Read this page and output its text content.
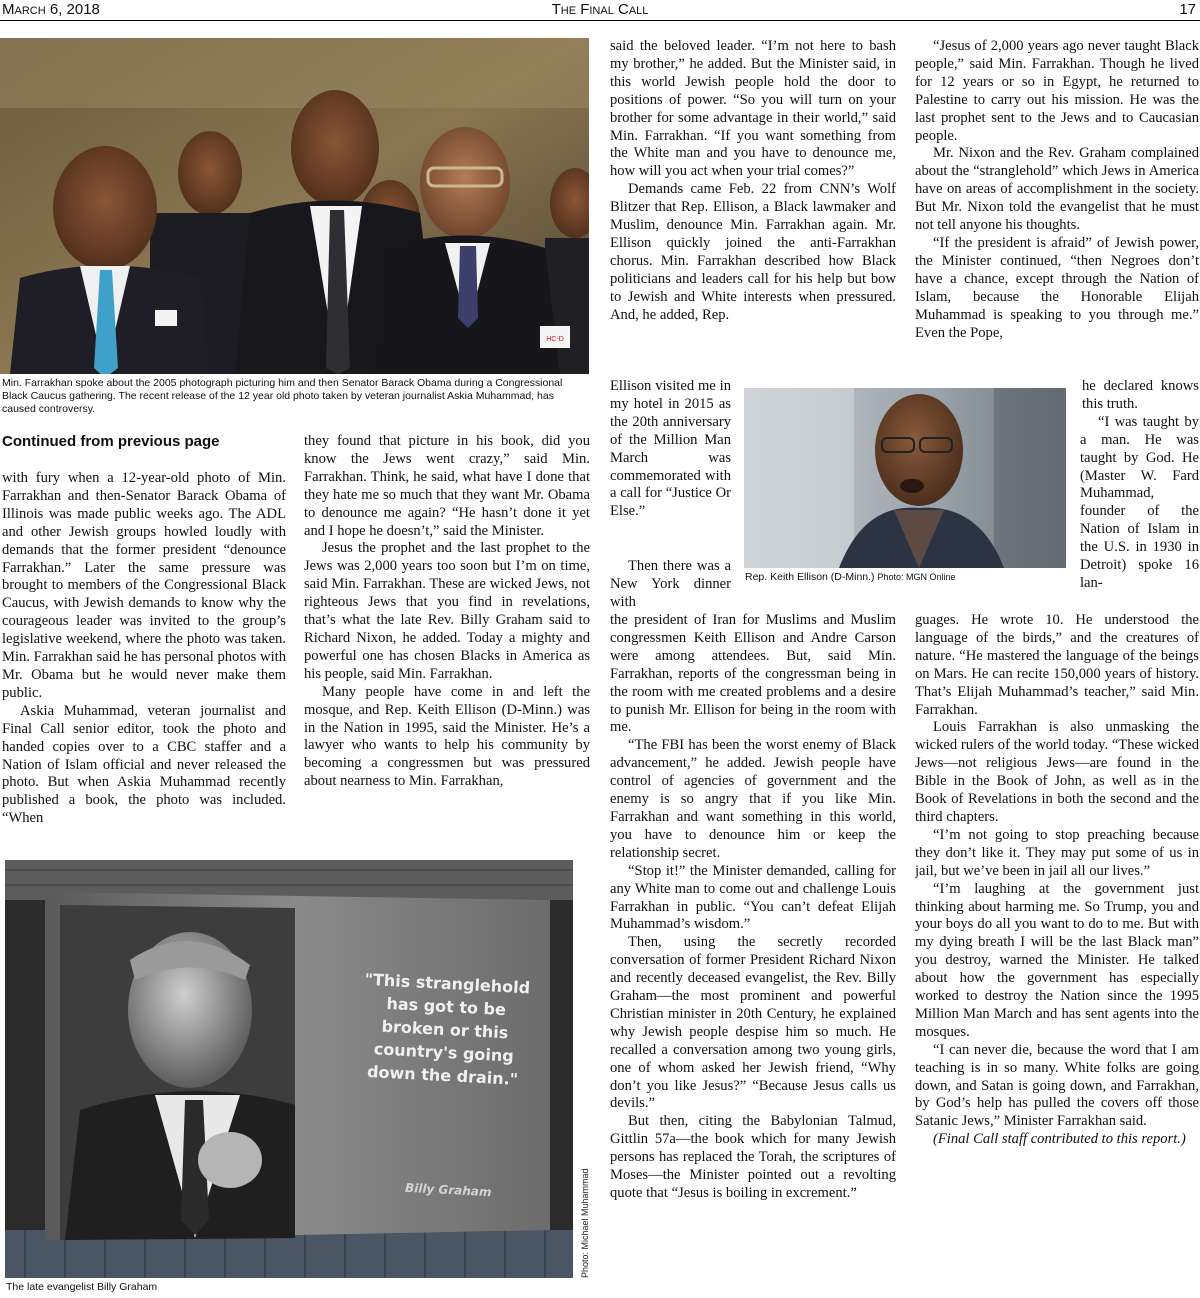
The Final Call
March 6, 2018	17
HC-D
Min. Farrakhan spoke about the 2005 photograph picturing him and then Senator Barack Obama during a Congressional Black Caucus gathering. The recent release of the 12 year old photo taken by veteran journalist Askia Muhammad, has caused controversy.
Continued from previous page

with fury when a 12-year-old photo of Min. Farrakhan and then-Senator Barack Obama of Illinois was made public weeks ago. The ADL and other Jewish groups howled loudly with demands that the former president “denounce Farrakhan.” Later the same pressure was brought to members of the Congressional Black Caucus, with Jewish demands to know why the courageous leader was invited to the group’s legislative weekend, where the photo was taken. Min. Farrakhan said he has personal photos with Mr. Obama but he would never make them public.

Askia Muhammad, veteran journalist and Final Call senior editor, took the photo and handed copies over to a CBC staffer and a Nation of Islam official and never released the photo. But when Askia Muhammad recently published a book, the photo was included. “When

they found that picture in his book, did you know the Jews went crazy,” said Min. Farrakhan. Think, he said, what have I done that they hate me so much that they want Mr. Obama to denounce me again? “He hasn’t done it yet and I hope he doesn’t,” said the Minister.

Jesus the prophet and the last prophet to the Jews was 2,000 years too soon but I’m on time, said Min. Farrakhan. These are wicked Jews, not righteous Jews that you find in revelations, that’s what the late Rev. Billy Graham said to Richard Nixon, he added. Today a mighty and powerful one has chosen Blacks in America as his people, said Min. Farrakhan.

Many people have come in and left the mosque, and Rep. Keith Ellison (D-Minn.) was in the Nation in 1995, said the Minister. He’s a lawyer who wants to help his community by becoming a congressmen but was pressured about nearness to Min. Farrakhan,

"This stranglehold has got to be broken or this country's going down the drain."
Billy Graham	Photo: Michael Muhammad
The late evangelist Billy Graham

said the beloved leader. “I’m not here to bash my brother,” he added. But the Minister said, in this world Jewish people hold the door to positions of power. “So you will turn on your brother for some advantage in their world,” said Min. Farrakhan. “If you want something from the White man and you have to denounce me, how will you act when your trial comes?”

Demands came Feb. 22 from CNN’s Wolf Blitzer that Rep. Ellison, a Black lawmaker and Muslim, denounce Min. Farrakhan again. Mr. Ellison quickly joined the anti-Farrakhan chorus. Min. Farrakhan described how Black politicians and leaders call for his help but bow to Jewish and White interests when pressured. And, he added, Rep.

Ellison visited me in my hotel in 2015 as the 20th anniversary of the Million Man March was commemorated with a call for “Justice Or Else.”

Then there was a New York dinner with

Rep. Keith Ellison (D-Minn.) Photo: MGN Online

the president of Iran for Muslims and Muslim congressmen Keith Ellison and Andre Carson were among attendees. But, said Min. Farrakhan, reports of the congressman being in the room with me created problems and a desire to punish Mr. Ellison for being in the room with me.

“The FBI has been the worst enemy of Black advancement,” he added. Jewish people have control of agencies of government and the enemy is so angry that if you like Min. Farrakhan and want something in this world, you have to denounce him or keep the relationship secret.

“Stop it!” the Minister demanded, calling for any White man to come out and challenge Louis Farrakhan in public. “You can’t defeat Elijah Muhammad’s wisdom.”

Then, using the secretly recorded conversation of former President Richard Nixon and recently deceased evangelist, the Rev. Billy Graham—the most prominent and powerful Christian minister in 20th Century, he explained why Jewish people despise him so much. He recalled a conversation among two young girls, one of whom asked her Jewish friend, “Why don’t you like Jesus?” “Because Jesus calls us devils.”

But then, citing the Babylonian Talmud, Gittlin 57a—the book which for many Jewish persons has replaced the Torah, the scriptures of Moses—the Minister pointed out a revolting quote that “Jesus is boiling in excrement.”

“Jesus of 2,000 years ago never taught Black people,” said Min. Farrakhan. Though he lived for 12 years or so in Egypt, he returned to Palestine to carry out his mission. He was the last prophet sent to the Jews and to Caucasian people.

Mr. Nixon and the Rev. Graham complained about the “stranglehold” which Jews in America have on areas of accomplishment in the society. But Mr. Nixon told the evangelist that he must not tell anyone his thoughts.

“If the president is afraid” of Jewish power, the Minister continued, “then Negroes don’t have a chance, except through the Nation of Islam, because the Honorable Elijah Muhammad is speaking to you through me.” Even the Pope,

he declared knows this truth.

“I was taught by a man. He was taught by God. He (Master W. Fard Muhammad, founder of the Nation of Islam in the U.S. in 1930 in Detroit) spoke 16 lan-

guages. He wrote 10. He understood the language of the birds,” and the creatures of nature. “He mastered the language of the beings on Mars. He can recite 150,000 years of history. That’s Elijah Muhammad’s teacher,” said Min. Farrakhan.

Louis Farrakhan is also unmasking the wicked rulers of the world today. “These wicked Jews—not religious Jews—are found in the Bible in the Book of John, as well as in the Book of Revelations in both the second and the third chapters.

“I’m not going to stop preaching because they don’t like it. They may put some of us in jail, but we’ve been in jail all our lives.”

“I’m laughing at the government just thinking about harming me. So Trump, you and your boys do all you want to do to me. But with my dying breath I will be the last Black man” you destroy, warned the Minister. He talked about how the government has especially worked to destroy the Nation since the 1995 Million Man March and has sent agents into the mosques.

“I can never die, because the word that I am teaching is in so many. White folks are going down, and Satan is going down, and Farrakhan, by God’s help has pulled the covers off those Satanic Jews,” Minister Farrakhan said.

(Final Call staff contributed to this report.)
